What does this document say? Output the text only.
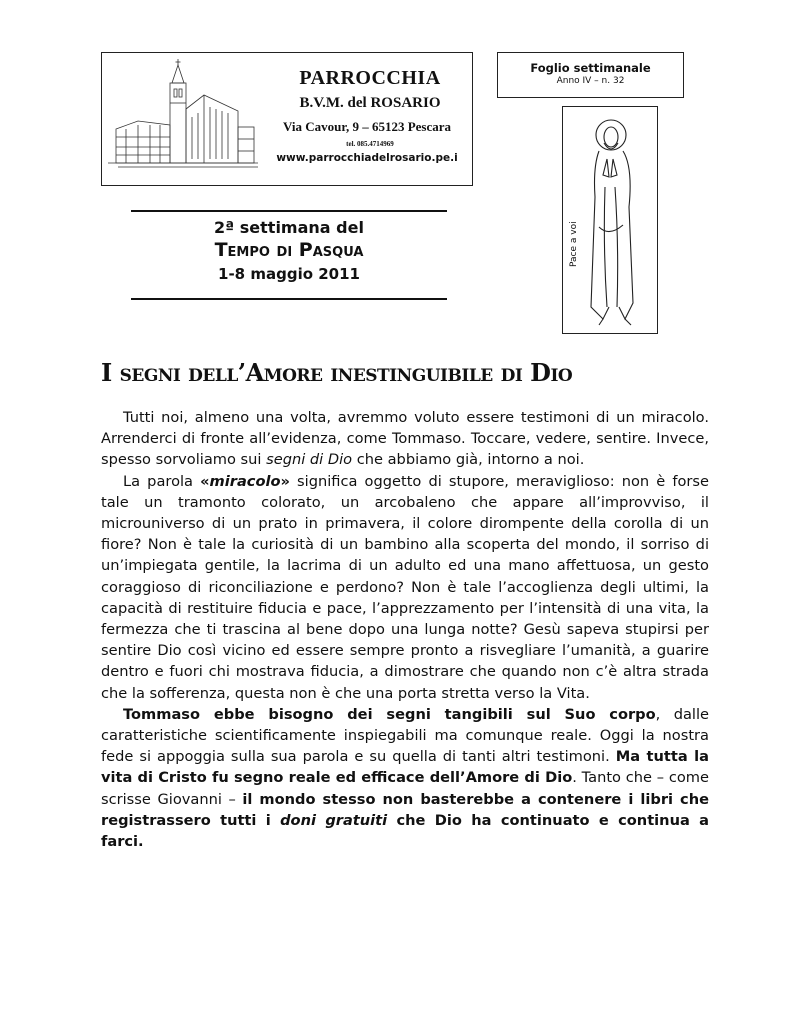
PARROCCHIA
B.V.M. del ROSARIO
Via Cavour, 9 – 65123 Pescara
tel. 085.4714969
www.parrocchiadelrosario.pe.i
Foglio settimanale
Anno IV – n. 32
Pace a voi
2ª settimana del
Tempo di Pasqua
1-8 maggio 2011
I segni dell’Amore inestinguibile di Dio

Tutti noi, almeno una volta, avremmo voluto essere testimoni di un miracolo. Arrenderci di fronte all’evidenza, come Tommaso. Toccare, vedere, sentire. Invece, spesso sorvoliamo sui segni di Dio che abbiamo già, intorno a noi.

La parola «miracolo» significa oggetto di stupore, meraviglioso: non è forse tale un tramonto colorato, un arcobaleno che appare all’improvviso, il microuniverso di un prato in primavera, il colore dirompente della corolla di un fiore? Non è tale la curiosità di un bambino alla scoperta del mondo, il sorriso di un’impiegata gentile, la lacrima di un adulto ed una mano affettuosa, un gesto coraggioso di riconciliazione e perdono? Non è tale l’accoglienza degli ultimi, la capacità di restituire fiducia e pace, l’apprezzamento per l’intensità di una vita, la fermezza che ti trascina al bene dopo una lunga notte? Gesù sapeva stupirsi per sentire Dio così vicino ed essere sempre pronto a risvegliare l’umanità, a guarire dentro e fuori chi mostrava fiducia, a dimostrare che quando non c’è altra strada che la sofferenza, questa non è che una porta stretta verso la Vita.

Tommaso ebbe bisogno dei segni tangibili sul Suo corpo, dalle caratteristiche scientificamente inspiegabili ma comunque reale. Oggi la nostra fede si appoggia sulla sua parola e su quella di tanti altri testimoni. Ma tutta la vita di Cristo fu segno reale ed efficace dell’Amore di Dio. Tanto che – come scrisse Giovanni – il mondo stesso non basterebbe a contenere i libri che registrassero tutti i doni gratuiti che Dio ha continuato e continua a farci.
